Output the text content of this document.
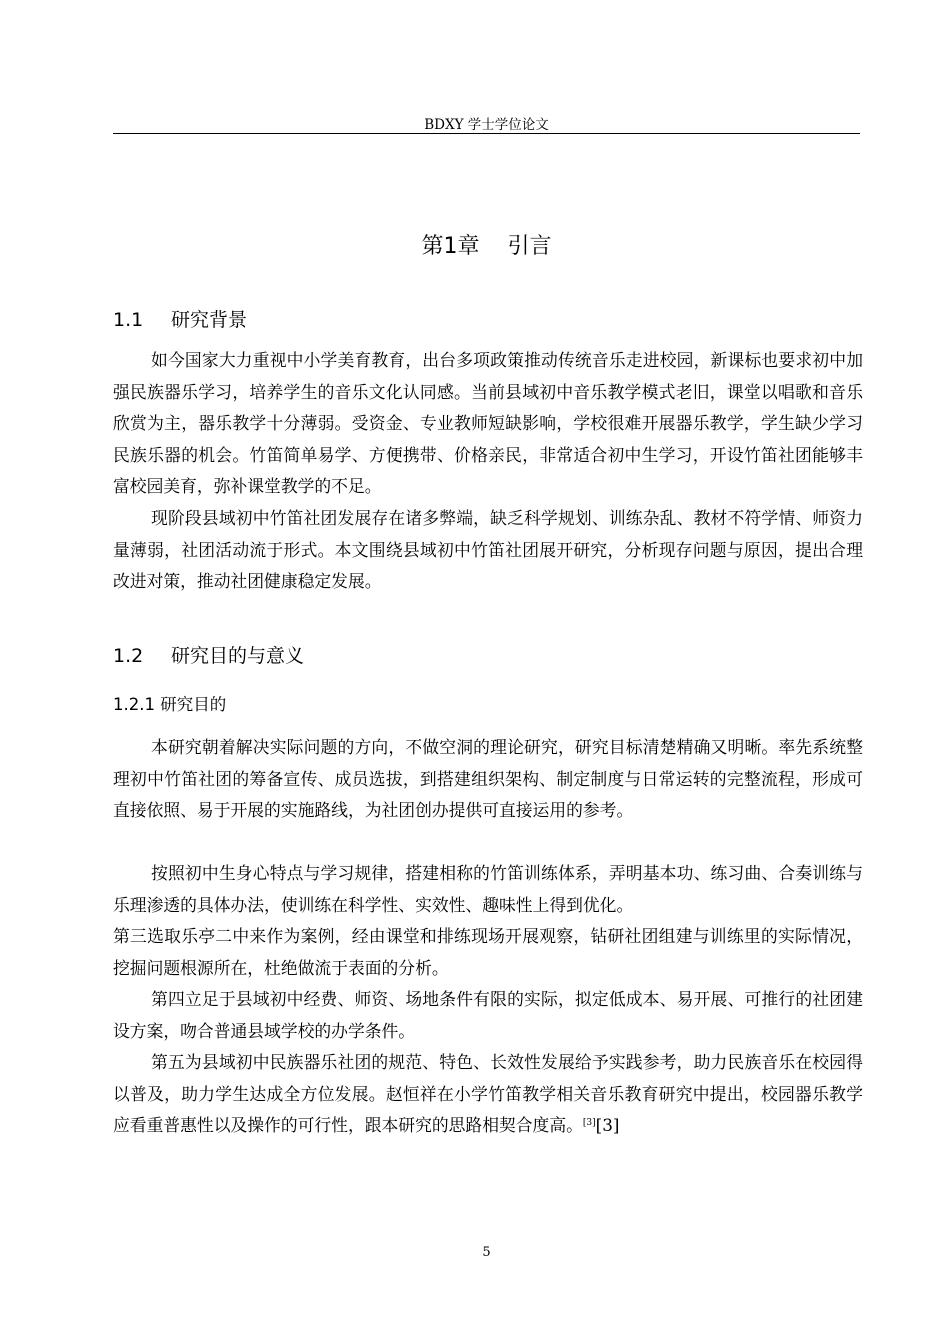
BDXY 学士学位论文
第1章 引言
1.1 研究背景

如今国家大力重视中小学美育教育，出台多项政策推动传统音乐走进校园，新课标也要求初中加强民族器乐学习，培养学生的音乐文化认同感。当前县域初中音乐教学模式老旧，课堂以唱歌和音乐欣赏为主，器乐教学十分薄弱。受资金、专业教师短缺影响，学校很难开展器乐教学，学生缺少学习民族乐器的机会。竹笛简单易学、方便携带、价格亲民，非常适合初中生学习，开设竹笛社团能够丰富校园美育，弥补课堂教学的不足。

现阶段县域初中竹笛社团发展存在诸多弊端，缺乏科学规划、训练杂乱、教材不符学情、师资力量薄弱，社团活动流于形式。本文围绕县域初中竹笛社团展开研究，分析现存问题与原因，提出合理改进对策，推动社团健康稳定发展。

1.2 研究目的与意义
1.2.1 研究目的

本研究朝着解决实际问题的方向，不做空洞的理论研究，研究目标清楚精确又明晰。率先系统整理初中竹笛社团的筹备宣传、成员选拔，到搭建组织架构、制定制度与日常运转的完整流程，形成可直接依照、易于开展的实施路线，为社团创办提供可直接运用的参考。

按照初中生身心特点与学习规律，搭建相称的竹笛训练体系，弄明基本功、练习曲、合奏训练与乐理渗透的具体办法，使训练在科学性、实效性、趣味性上得到优化。

第三选取乐亭二中来作为案例，经由课堂和排练现场开展观察，钻研社团组建与训练里的实际情况，挖掘问题根源所在，杜绝做流于表面的分析。

第四立足于县域初中经费、师资、场地条件有限的实际，拟定低成本、易开展、可推行的社团建设方案，吻合普通县域学校的办学条件。

第五为县域初中民族器乐社团的规范、特色、长效性发展给予实践参考，助力民族音乐在校园得以普及，助力学生达成全方位发展。赵恒祥在小学竹笛教学相关音乐教育研究中提出，校园器乐教学应看重普惠性以及操作的可行性，跟本研究的思路相契合度高。[3][3]

5
